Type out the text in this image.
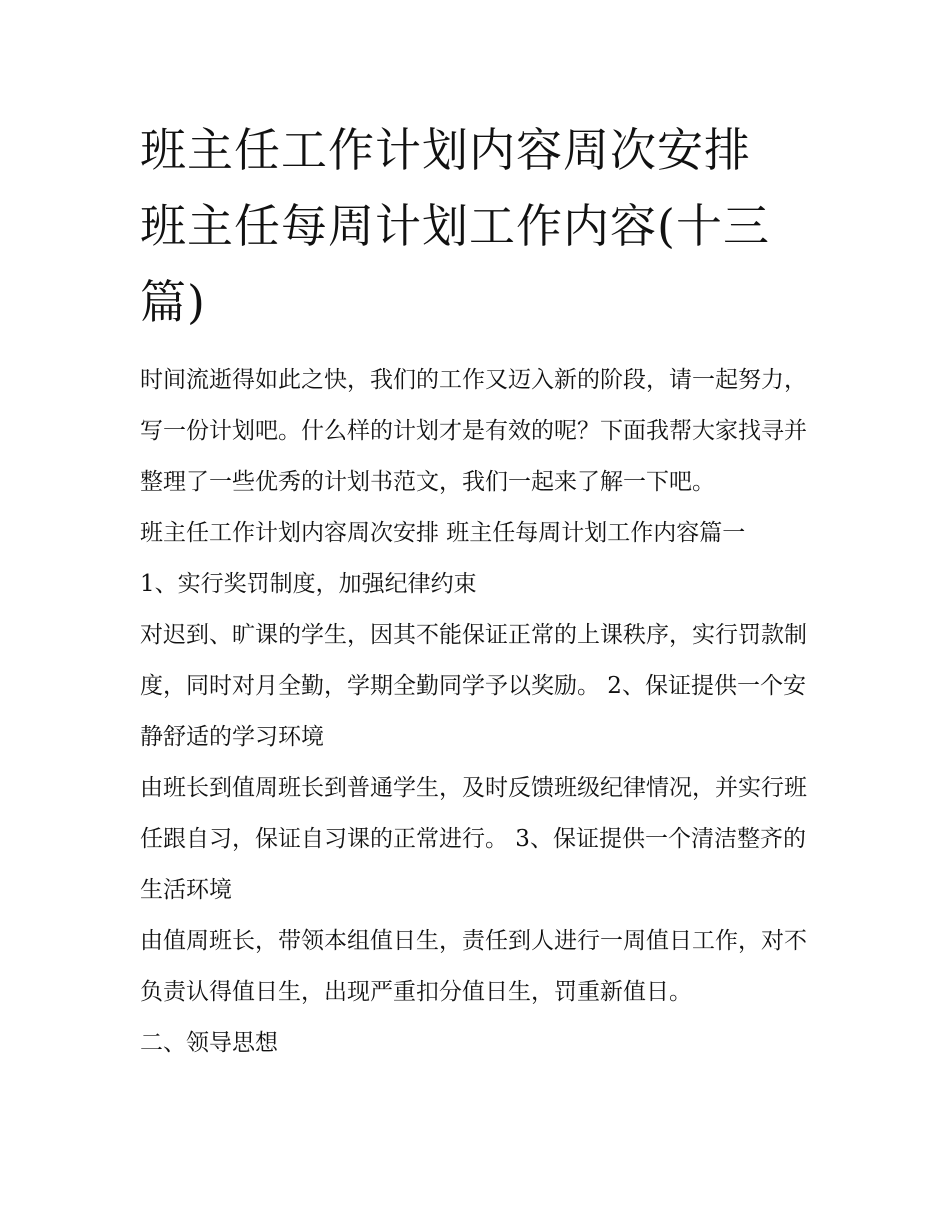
班主任工作计划内容周次安排 班主任每周计划工作内容(十三篇)

时间流逝得如此之快，我们的工作又迈入新的阶段，请一起努力，写一份计划吧。什么样的计划才是有效的呢？下面我帮大家找寻并整理了一些优秀的计划书范文，我们一起来了解一下吧。

班主任工作计划内容周次安排 班主任每周计划工作内容篇一

1、实行奖罚制度，加强纪律约束

对迟到、旷课的学生，因其不能保证正常的上课秩序，实行罚款制度，同时对月全勤，学期全勤同学予以奖励。 2、保证提供一个安静舒适的学习环境

由班长到值周班长到普通学生，及时反馈班级纪律情况，并实行班任跟自习，保证自习课的正常进行。 3、保证提供一个清洁整齐的生活环境

由值周班长，带领本组值日生，责任到人进行一周值日工作，对不负责认得值日生，出现严重扣分值日生，罚重新值日。

二、领导思想
